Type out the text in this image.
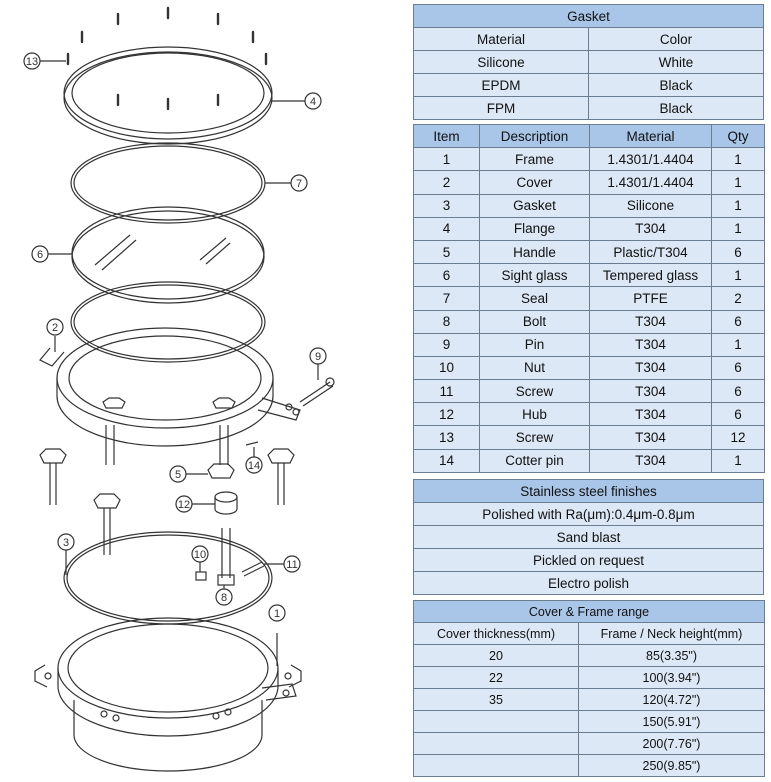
1
2
3
4
5
6
7
8
9
10
11
12
13
14
Gasket	
Material	Color
Silicone	White
EPDM	Black
FPM	Black
Item	Description	Material	Qty
1	Frame	1.4301/1.4404	1
2	Cover	1.4301/1.4404	1
3	Gasket	Silicone	1
4	Flange	T304	1
5	Handle	Plastic/T304	6
6	Sight glass	Tempered glass	1
7	Seal	PTFE	2
8	Bolt	T304	6
9	Pin	T304	1
10	Nut	T304	6
11	Screw	T304	6
12	Hub	T304	6
13	Screw	T304	12
14	Cotter pin	T304	1
Stainless steel finishes
Polished with Ra(μm):0.4μm-0.8μm
Sand blast
Pickled on request
Electro polish
Cover & Frame range	
Cover thickness(mm)	Frame / Neck height(mm)
20	85(3.35")
22	100(3.94")
35	120(4.72")
	150(5.91")
	200(7.76")
	250(9.85")
